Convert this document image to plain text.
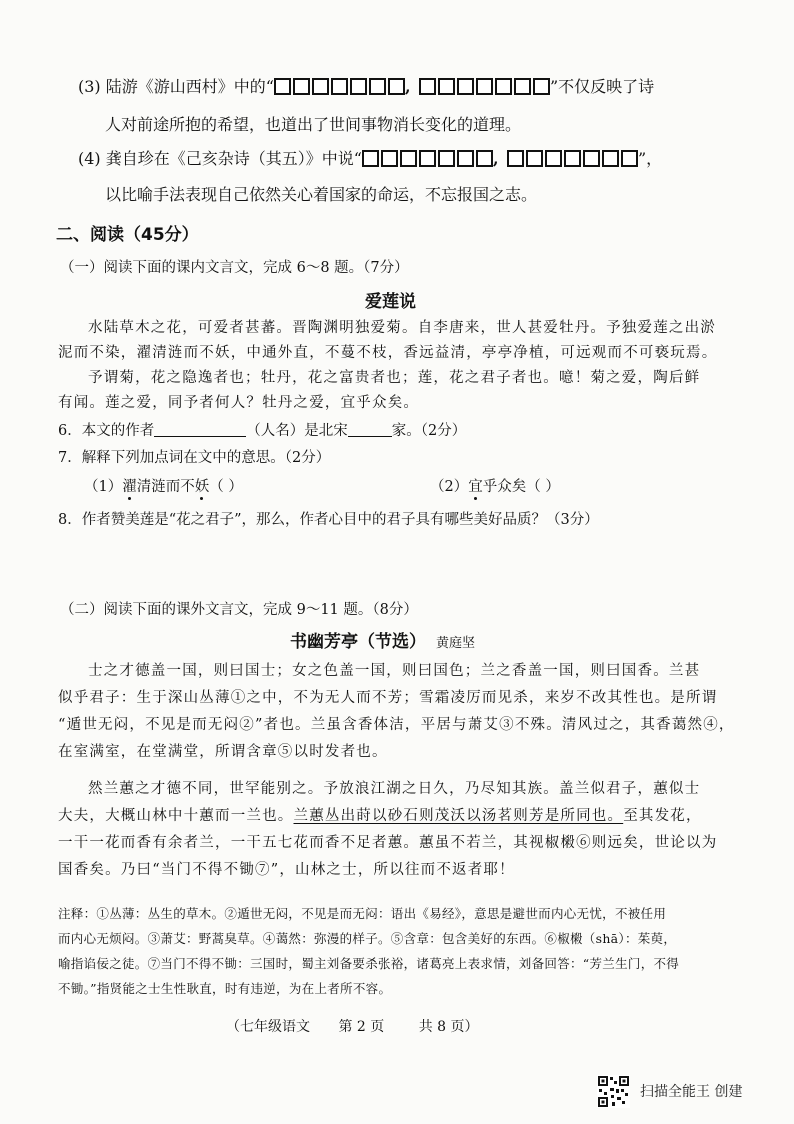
(3) 陆游《游山西村》中的“	,	”不仅反映了诗
人对前途所抱的希望，也道出了世间事物消长变化的道理。
(4) 龚自珍在《己亥杂诗（其五）》中说“	,	”，
以比喻手法表现自己依然关心着国家的命运，不忘报国之志。
二、阅读（45分）
（一）阅读下面的课内文言文，完成 6～8 题。（7分）
爱莲说
水陆草木之花，可爱者甚蕃。晋陶渊明独爱菊。自李唐来，世人甚爱牡丹。予独爱莲之出淤
泥而不染，濯清涟而不妖，中通外直，不蔓不枝，香远益清，亭亭净植，可远观而不可亵玩焉。
予谓菊，花之隐逸者也；牡丹，花之富贵者也；莲，花之君子者也。噫！菊之爱，陶后鲜
有闻。莲之爱，同予者何人？牡丹之爱，宜乎众矣。
6．本文的作者	（人名）是北宋	家。（2分）
7．解释下列加点词在文中的意思。（2分）
（1）濯清涟而不妖（ ）	（2）宜乎众矣（ ）
8．作者赞美莲是“花之君子”，那么，作者心目中的君子具有哪些美好品质？（3分）
（二）阅读下面的课外文言文，完成 9～11 题。（8分）
书幽芳亭（节选） 黄庭坚
士之才德盖一国，则曰国士；女之色盖一国，则曰国色；兰之香盖一国，则曰国香。兰甚
似乎君子：生于深山丛薄①之中，不为无人而不芳；雪霜凌厉而见杀，来岁不改其性也。是所谓
“遁世无闷，不见是而无闷②”者也。兰虽含香体洁，平居与萧艾③不殊。清风过之，其香蔼然④，
在室满室，在堂满堂，所谓含章⑤以时发者也。
然兰蕙之才德不同，世罕能别之。予放浪江湖之日久，乃尽知其族。盖兰似君子，蕙似士
大夫，大概山林中十蕙而一兰也。兰蕙丛出莳以砂石则茂沃以汤茗则芳是所同也。至其发花，
一干一花而香有余者兰，一干五七花而香不足者蕙。蕙虽不若兰，其视椒樧⑥则远矣，世论以为
国香矣。乃曰“当门不得不锄⑦”，山林之士，所以往而不返者耶！
注释：①丛薄：丛生的草木。②遁世无闷，不见是而无闷：语出《易经》，意思是避世而内心无忧，不被任用
而内心无烦闷。③萧艾：野蒿臭草。④蔼然：弥漫的样子。⑤含章：包含美好的东西。⑥椒樧（shā）：茱萸，
喻指谄佞之徒。⑦当门不得不锄：三国时，蜀主刘备要杀张裕，诸葛亮上表求情，刘备回答：“芳兰生门，不得
不锄。”指贤能之士生性耿直，时有违逆，为在上者所不容。
（七年级语文 第 2 页 共 8 页）
扫描全能王 创建
